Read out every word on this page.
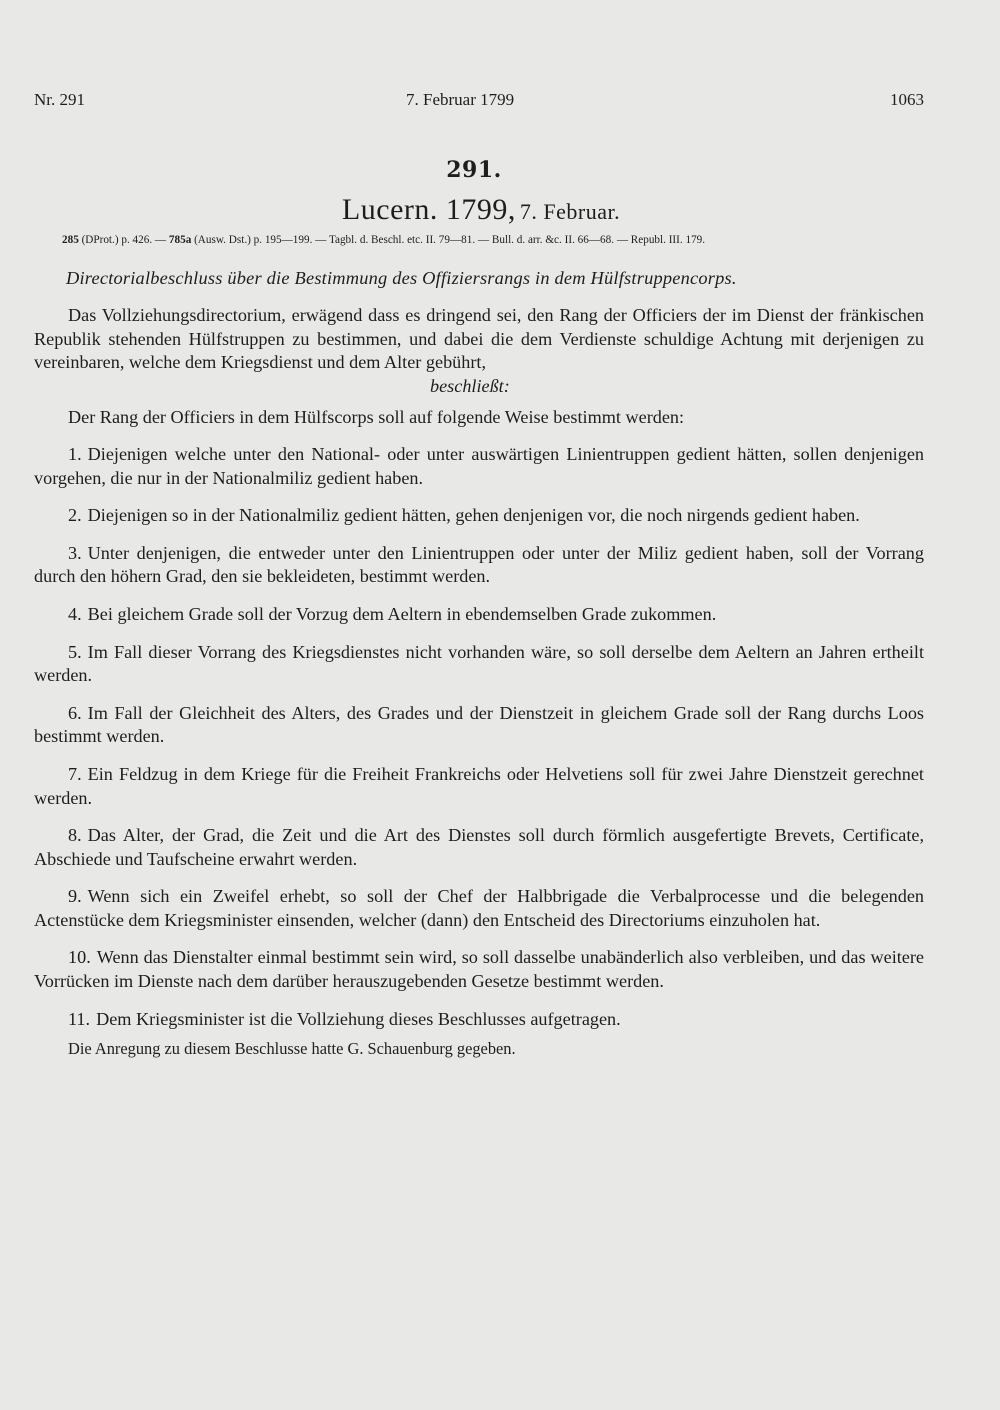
Nr. 291	7. Februar 1799	1063
291.
Lucern. 1799, 7. Februar.
285 (DProt.) p. 426. — 785a (Ausw. Dst.) p. 195—199. — Tagbl. d. Beschl. etc. II. 79—81. — Bull. d. arr. &c. II. 66—68. — Republ. III. 179.
Directorialbeschluss über die Bestimmung des Offiziersrangs in dem Hülfstruppencorps.

Das Vollziehungsdirectorium, erwägend dass es dringend sei, den Rang der Officiers der im Dienst der fränkischen Republik stehenden Hülfstruppen zu bestimmen, und dabei die dem Verdienste schuldige Achtung mit derjenigen zu vereinbaren, welche dem Kriegsdienst und dem Alter gebührt,

beschließt:

Der Rang der Officiers in dem Hülfscorps soll auf folgende Weise bestimmt werden:

1. Diejenigen welche unter den National- oder unter auswärtigen Linientruppen gedient hätten, sollen denjenigen vorgehen, die nur in der Nationalmiliz gedient haben.

2. Diejenigen so in der Nationalmiliz gedient hätten, gehen denjenigen vor, die noch nirgends gedient haben.

3. Unter denjenigen, die entweder unter den Linientruppen oder unter der Miliz gedient haben, soll der Vorrang durch den höhern Grad, den sie bekleideten, bestimmt werden.

4. Bei gleichem Grade soll der Vorzug dem Aeltern in ebendemselben Grade zukommen.

5. Im Fall dieser Vorrang des Kriegsdienstes nicht vorhanden wäre, so soll derselbe dem Aeltern an Jahren ertheilt werden.

6. Im Fall der Gleichheit des Alters, des Grades und der Dienstzeit in gleichem Grade soll der Rang durchs Loos bestimmt werden.

7. Ein Feldzug in dem Kriege für die Freiheit Frankreichs oder Helvetiens soll für zwei Jahre Dienstzeit gerechnet werden.

8. Das Alter, der Grad, die Zeit und die Art des Dienstes soll durch förmlich ausgefertigte Brevets, Certificate, Abschiede und Taufscheine erwahrt werden.

9. Wenn sich ein Zweifel erhebt, so soll der Chef der Halbbrigade die Verbalprocesse und die belegenden Actenstücke dem Kriegsminister einsenden, welcher (dann) den Entscheid des Directoriums einzuholen hat.

10. Wenn das Dienstalter einmal bestimmt sein wird, so soll dasselbe unabänderlich also verbleiben, und das weitere Vorrücken im Dienste nach dem darüber herauszugebenden Gesetze bestimmt werden.

11. Dem Kriegsminister ist die Vollziehung dieses Beschlusses aufgetragen.

Die Anregung zu diesem Beschlusse hatte G. Schauenburg gegeben.
